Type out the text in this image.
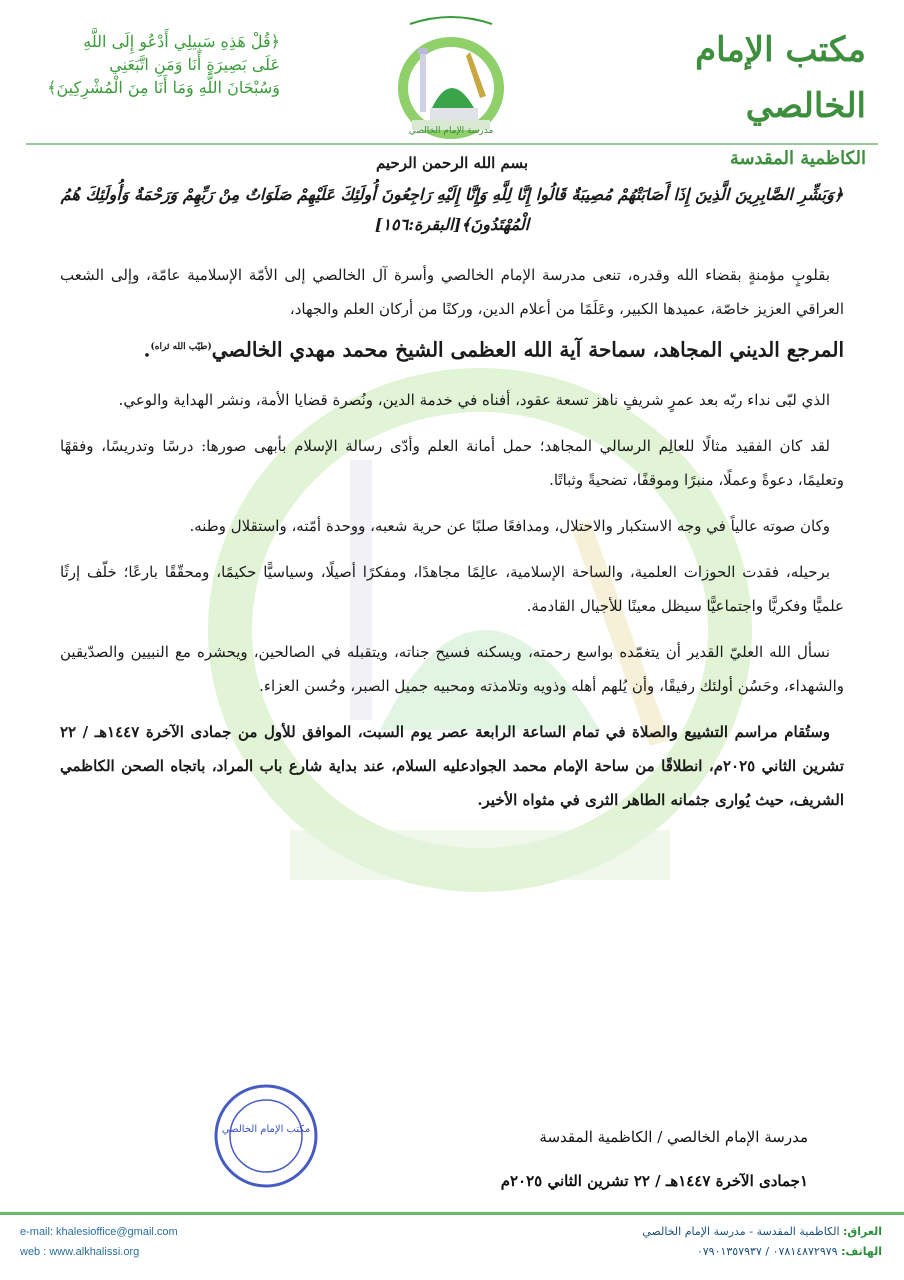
﴿قُلْ هَذِهِ سَبِيلِي أَدْعُو إِلَى اللَّهِ
عَلَى بَصِيرَةٍ أَنَا وَمَنِ اتَّبَعَنِي
وَسُبْحَانَ اللَّهِ وَمَا أَنَا مِنَ الْمُشْرِكِينَ﴾
مدرسة الإمام الخالصي
مكتب الإمام الخالصي
الكاظمية المقدسة
بسم الله الرحمن الرحيم
﴿وَبَشِّرِ الصَّابِرِينَ الَّذِينَ إِذَا أَصَابَتْهُمْ مُصِيبَةٌ قَالُوا إِنَّا لِلَّهِ وَإِنَّا إِلَيْهِ رَاجِعُونَ أُولَئِكَ عَلَيْهِمْ صَلَوَاتٌ مِنْ رَبِّهِمْ وَرَحْمَةٌ وَأُولَئِكَ هُمُ الْمُهْتَدُونَ﴾[البقرة:١٥٦]

بقلوبٍ مؤمنةٍ بقضاء الله وقدره، تنعى مدرسة الإمام الخالصي وأسرة آل الخالصي إلى الأمّة الإسلامية عامّة، وإلى الشعب العراقي العزيز خاصّة، عميدها الكبير، وعَلَمًا من أعلام الدين، وركنًا من أركان العلم والجهاد،

المرجع الديني المجاهد، سماحة آية الله العظمى الشيخ محمد مهدي الخالصي$^{(طيّب الله ثراه)}$.

الذي لبّى نداء ربّه بعد عمرٍ شريفٍ ناهز تسعة عقود، أفناه في خدمة الدين، ونُصرة قضايا الأمة، ونشر الهداية والوعي.

لقد كان الفقيد مثالًا للعالِم الرسالي المجاهد؛ حمل أمانة العلم وأدّى رسالة الإسلام بأبهى صورها: درسًا وتدريسًا، وفقهًا وتعليمًا، دعوةً وعملًا، منبرًا وموقفًا، تضحيةً وثباتًا.

وكان صوته عالياً في وجه الاستكبار والاحتلال، ومدافعًا صلبًا عن حرية شعبه، ووحدة أمّته، واستقلال وطنه.

برحيله، فقدت الحوزات العلمية، والساحة الإسلامية، عالِمًا مجاهدًا، ومفكرًا أصيلًا، وسياسيًّا حكيمًا، ومحقّقًا بارعًا؛ خلّف إرثًا علميًّا وفكريًّا واجتماعيًّا سيظل معينًا للأجيال القادمة.

نسأل الله العليّ القدير أن يتغمّده بواسع رحمته، ويسكنه فسيح جناته، ويتقبله في الصالحين، ويحشره مع النبيين والصدّيقين والشهداء، وحَسُن أولئك رفيقًا، وأن يُلهم أهله وذويه وتلامذته ومحبيه جميل الصبر، وحُسن العزاء.

وستُقام مراسم التشييع والصلاة في تمام الساعة الرابعة عصر يوم السبت، الموافق للأول من جمادى الآخرة ١٤٤٧هـ / ٢٢ تشرين الثاني ٢٠٢٥م، انطلاقًا من ساحة الإمام محمد الجوادعليه السلام، عند بداية شارع باب المراد، باتجاه الصحن الكاظمي الشريف، حيث يُوارى جثمانه الطاهر الثرى في مثواه الأخير.

مكتب الإمام الخالصي	مدرسة الإمام الخالصي / الكاظمية المقدسة
١جمادى الآخرة ١٤٤٧هـ / ٢٢ تشرين الثاني ٢٠٢٥م
e-mail: khalesioffice@gmail.com
web : www.alkhalissi.org
العراق: الكاظمية المقدسة - مدرسة الإمام الخالصي
الهاتف: ٠٧٨١٤٨٧٢٩٧٩ / ٠٧٩٠١٣٥٧٩٣٧
